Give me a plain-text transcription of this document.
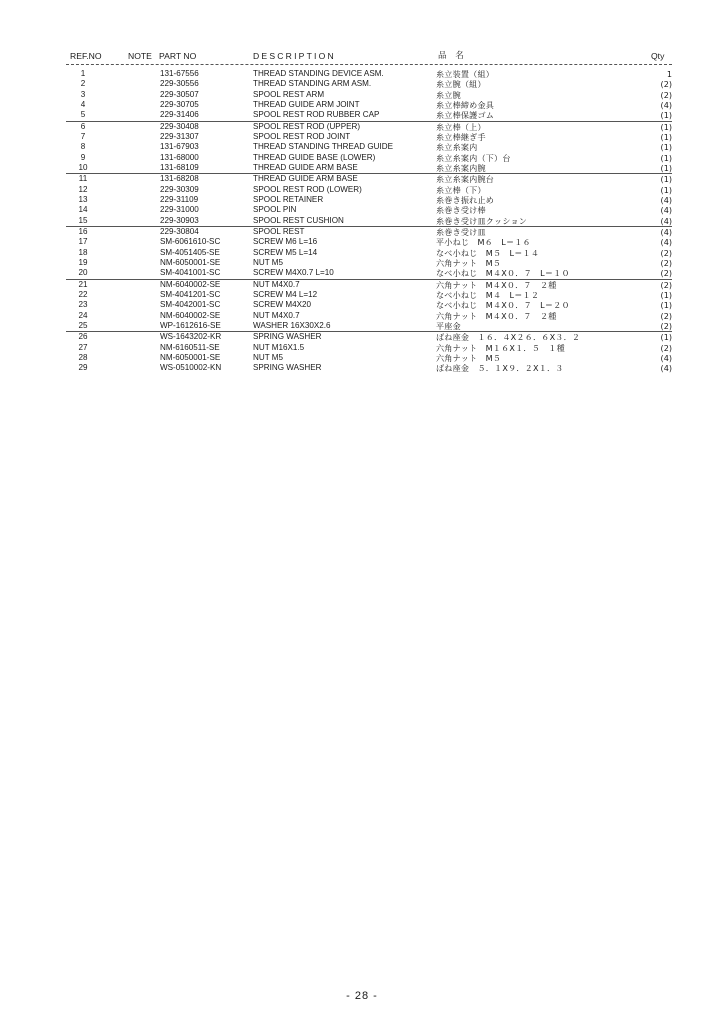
REF.NO	NOTE PART NO	DESCRIPTION	品　名	Qty
1		131-67556	THREAD STANDING DEVICE ASM.	糸立装置（組）	1
2		229-30556	THREAD STANDING ARM ASM.	糸立腕（組）	(2)
3		229-30507	SPOOL REST ARM	糸立腕	(2)
4		229-30705	THREAD GUIDE ARM JOINT	糸立棒締め金具	(4)
5		229-31406	SPOOL REST ROD RUBBER CAP	糸立棒保護ゴム	(1)
6		229-30408	SPOOL REST ROD (UPPER)	糸立棒（上）	(1)
7		229-31307	SPOOL REST ROD JOINT	糸立棒継ぎ手	(1)
8		131-67903	THREAD STANDING THREAD GUIDE	糸立糸案内	(1)
9		131-68000	THREAD GUIDE BASE (LOWER)	糸立糸案内（下）台	(1)
10		131-68109	THREAD GUIDE ARM BASE	糸立糸案内腕	(1)
11		131-68208	THREAD GUIDE ARM BASE	糸立糸案内腕台	(1)
12		229-30309	SPOOL REST ROD (LOWER)	糸立棒（下）	(1)
13		229-31109	SPOOL RETAINER	糸巻き振れ止め	(4)
14		229-31000	SPOOL PIN	糸巻き受け棒	(4)
15		229-30903	SPOOL REST CUSHION	糸巻き受け皿クッション	(4)
16		229-30804	SPOOL REST	糸巻き受け皿	(4)
17		SM-6061610-SC	SCREW M6 L=16	平小ねじ　M６　L＝１６	(4)
18		SM-4051405-SE	SCREW M5 L=14	なべ小ねじ　M５　L＝１４	(2)
19		NM-6050001-SE	NUT M5	六角ナット　M５	(2)
20		SM-4041001-SC	SCREW M4X0.7 L=10	なべ小ねじ　M４X０．７　L＝１０	(2)
21		NM-6040002-SE	NUT M4X0.7	六角ナット　M４X０．７　２種	(2)
22		SM-4041201-SC	SCREW M4 L=12	なべ小ねじ　M４　L＝１２	(1)
23		SM-4042001-SC	SCREW M4X20	なべ小ねじ　M４X０．７　L＝２０	(1)
24		NM-6040002-SE	NUT M4X0.7	六角ナット　M４X０．７　２種	(2)
25		WP-1612616-SE	WASHER 16X30X2.6	平座金	(2)
26		WS-1643202-KR	SPRING WASHER	ばね座金　１６．４X２６．６X３．２	(1)
27		NM-6160511-SE	NUT M16X1.5	六角ナット　M１６X１．５　１種	(2)
28		NM-6050001-SE	NUT M5	六角ナット　M５	(4)
29		WS-0510002-KN	SPRING WASHER	ばね座金　５．１X９．２X１．３	(4)
- 28 -
